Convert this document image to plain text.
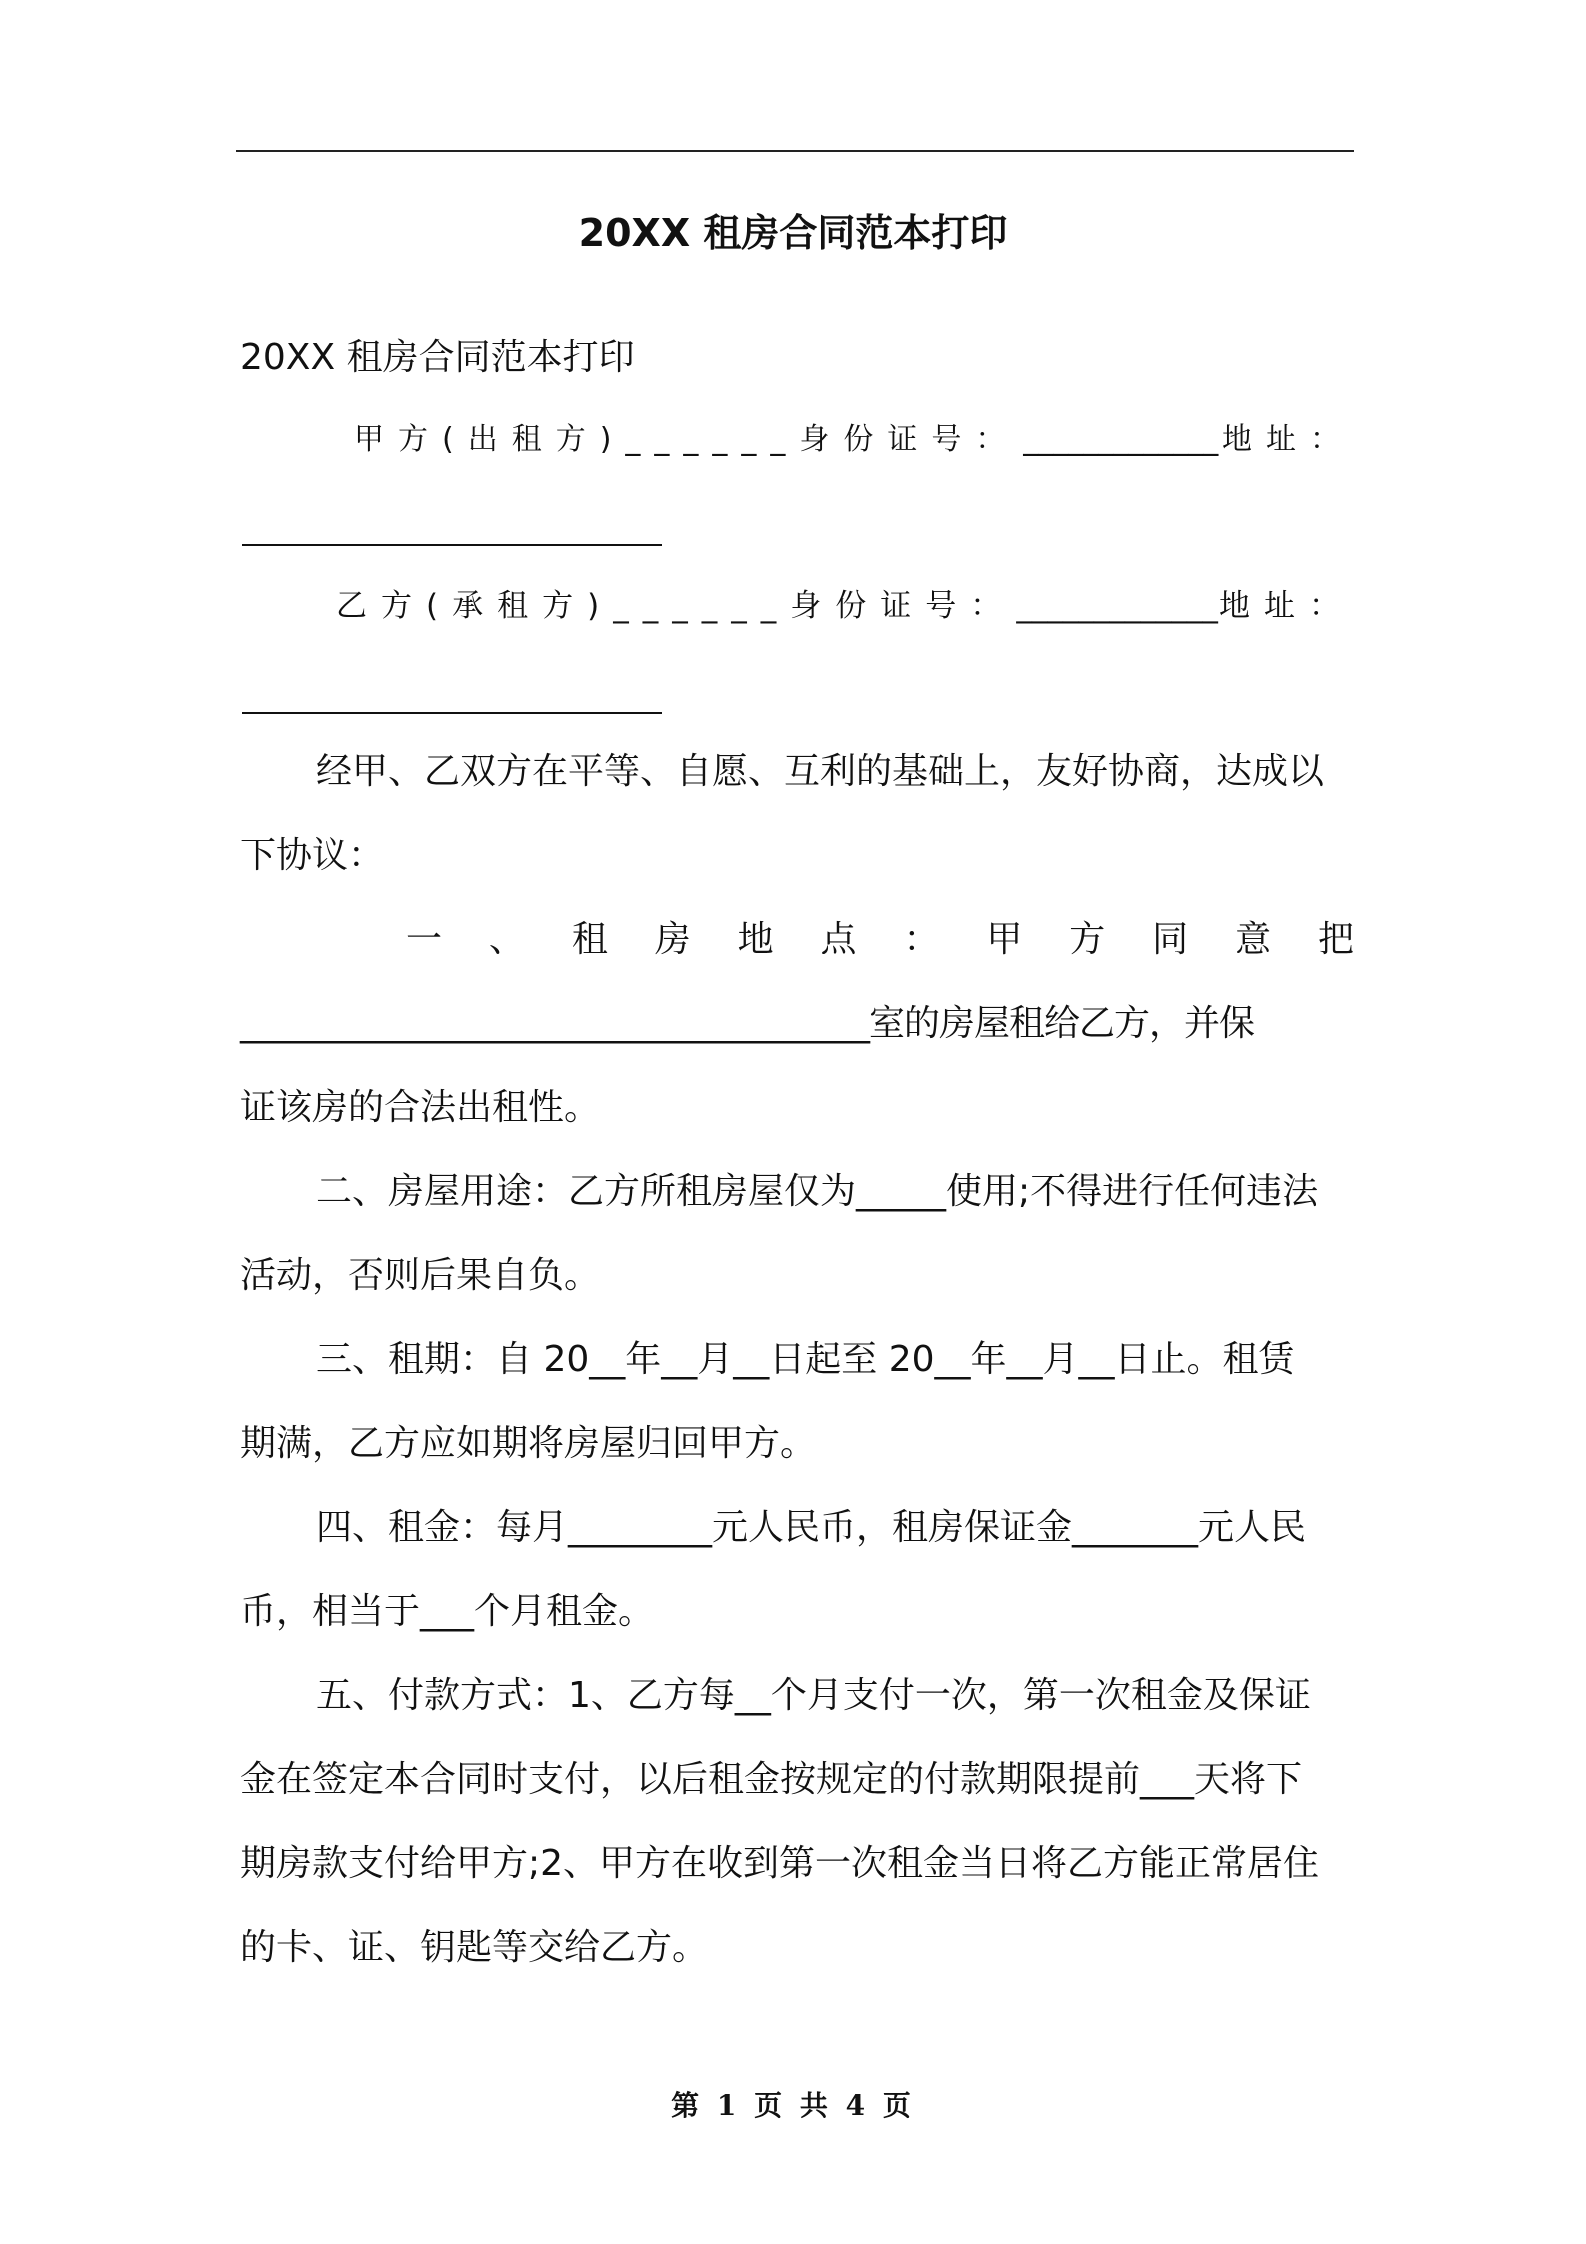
20XX 租房合同范本打印
20XX 租房合同范本打印
甲方(出租方)______身份证号： _____________ 地址：
乙方(承租方)______身份证号： _____________ 地址：
经甲、乙双方在平等、自愿、互利的基础上，友好协商，达成以
下协议：
一 、 租 房 地 点 ： 甲 方 同 意 把
_____________________________________室的房屋租给乙方，并保
证该房的合法出租性。
二、房屋用途：乙方所租房屋仅为_____使用;不得进行任何违法
活动，否则后果自负。
三、租期：自 20__年__月__日起至 20__年__月__日止。租赁
期满，乙方应如期将房屋归回甲方。
四、租金：每月________元人民币，租房保证金_______元人民
币，相当于___个月租金。
五、付款方式：1、乙方每__个月支付一次，第一次租金及保证
金在签定本合同时支付，以后租金按规定的付款期限提前___天将下
期房款支付给甲方;2、甲方在收到第一次租金当日将乙方能正常居住
的卡、证、钥匙等交给乙方。
第 1 页 共 4 页
